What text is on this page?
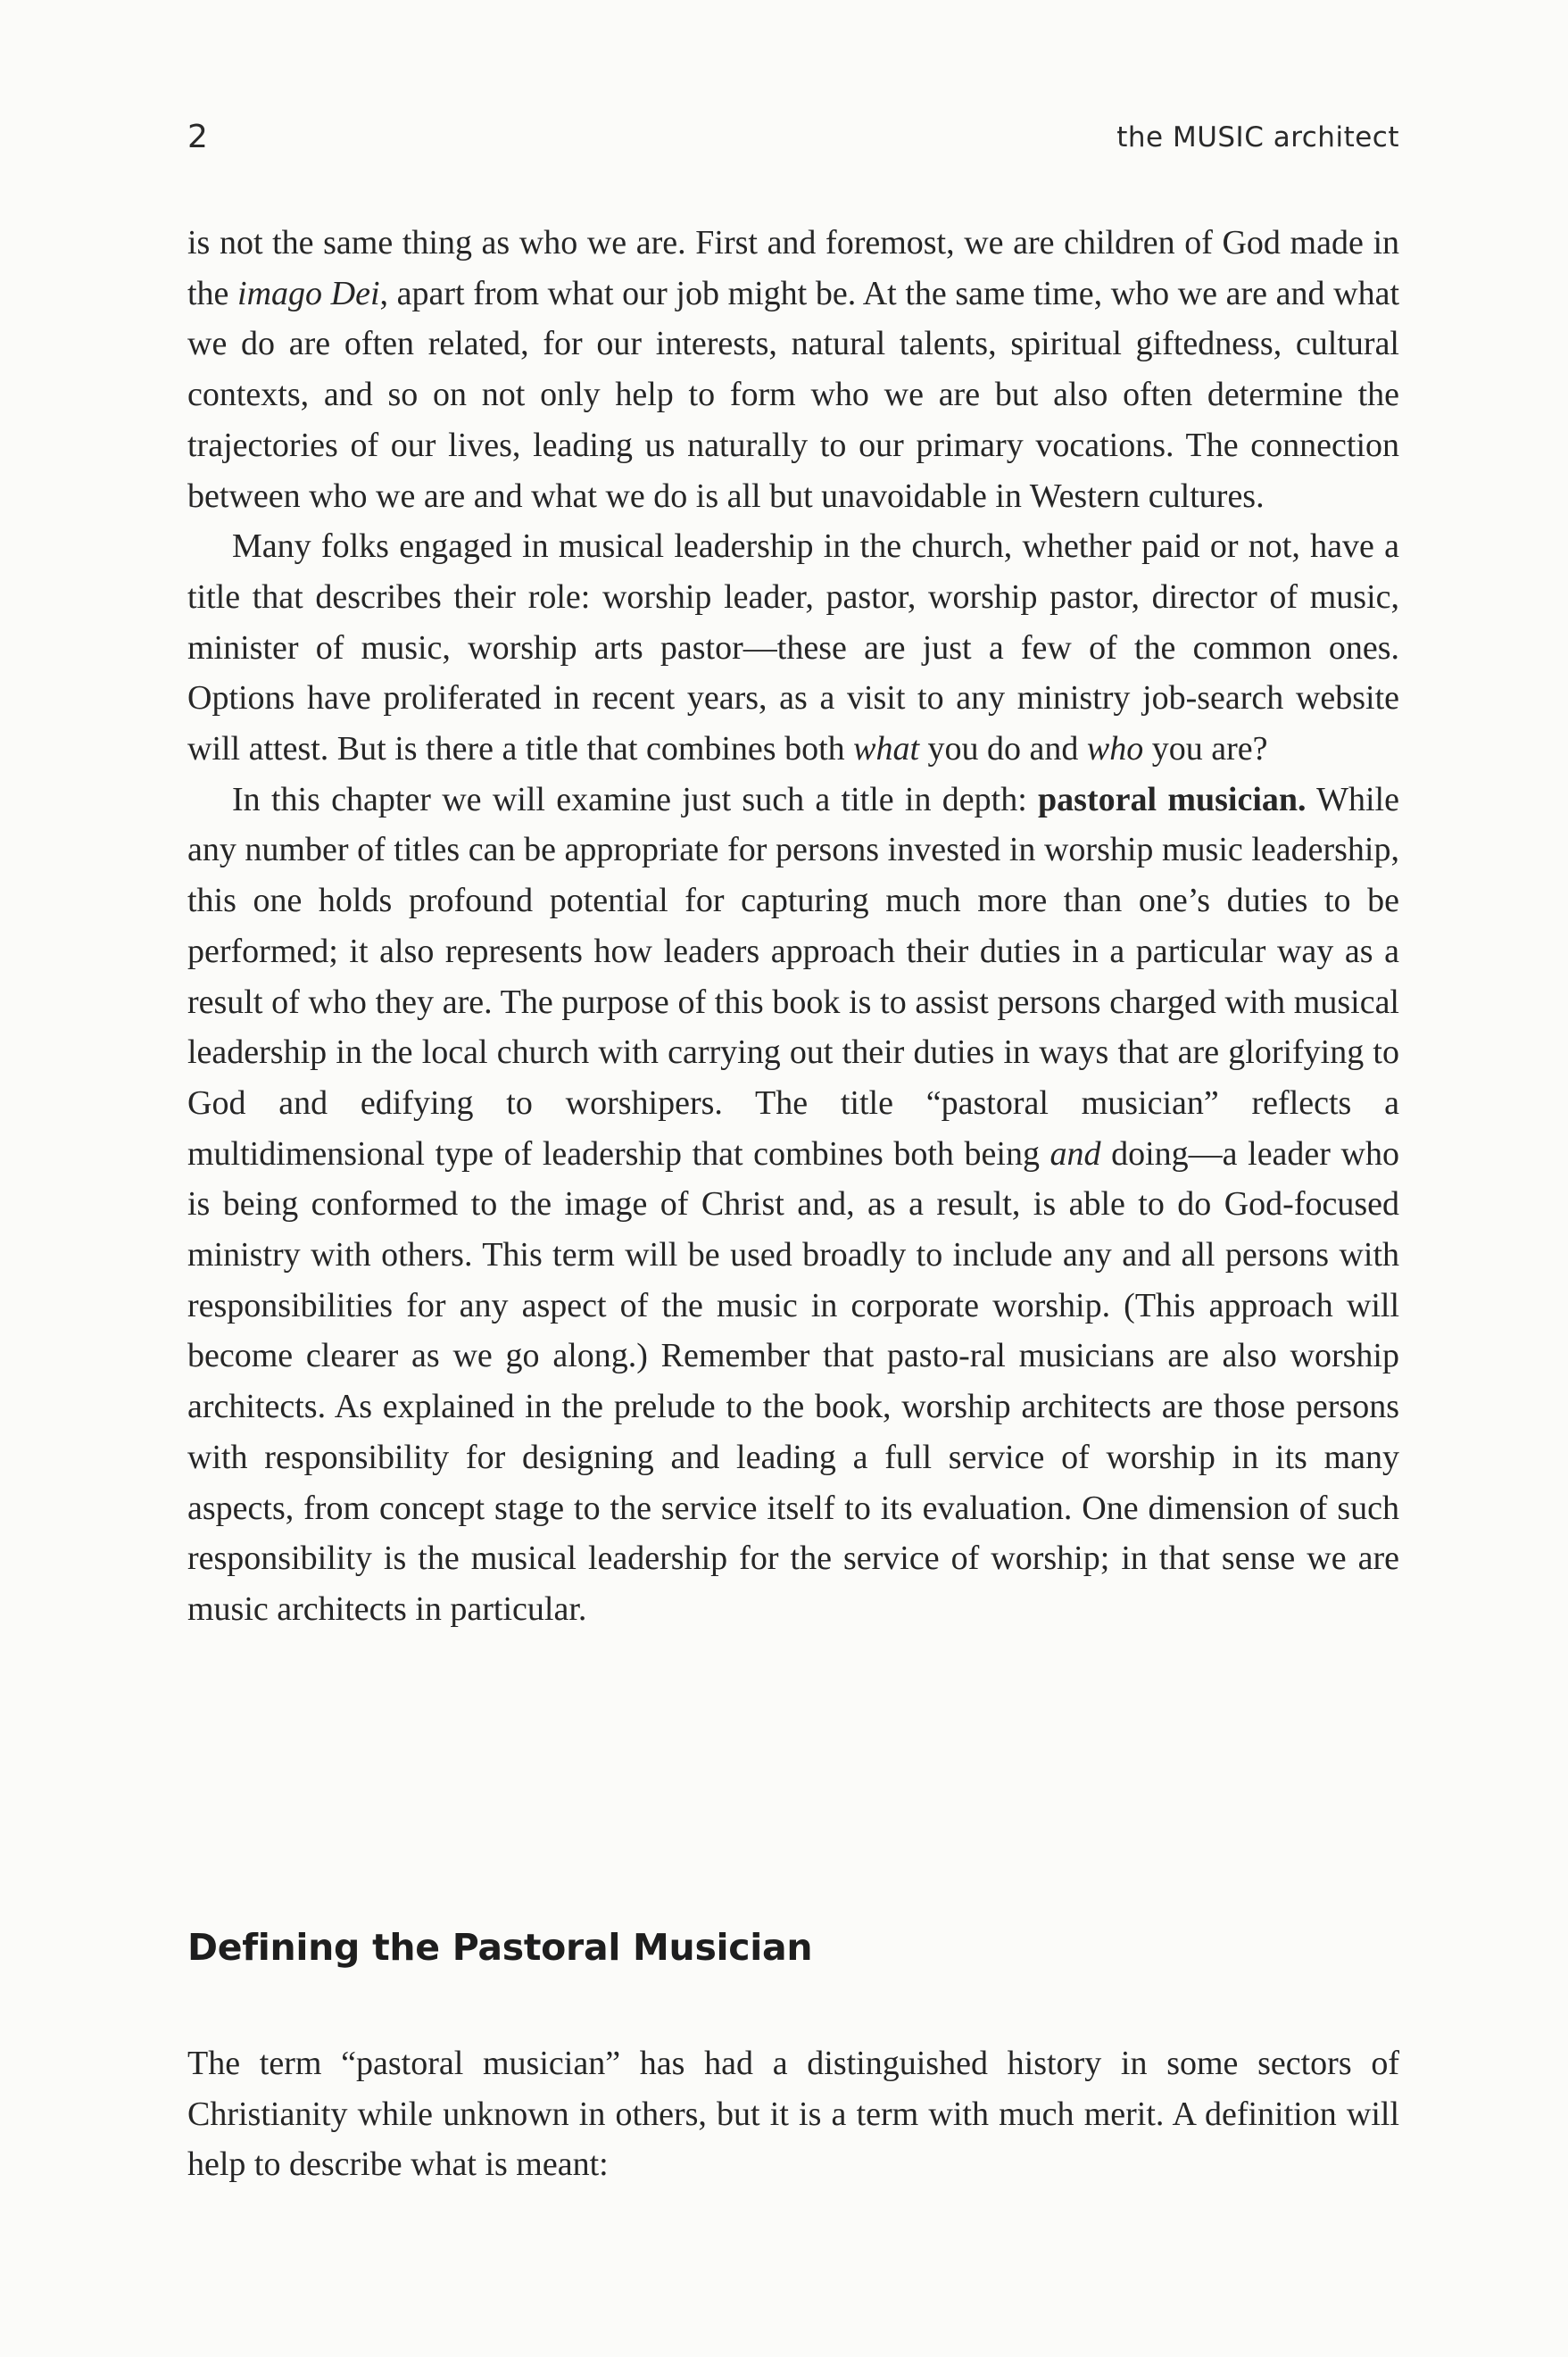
2	the MUSIC architect

is not the same thing as who we are. First and foremost, we are children of God made in the imago Dei, apart from what our job might be. At the same time, who we are and what we do are often related, for our interests, natural talents, spiritual giftedness, cultural contexts, and so on not only help to form who we are but also often determine the trajectories of our lives, leading us naturally to our primary vocations. The connection between who we are and what we do is all but unavoidable in Western cultures.

Many folks engaged in musical leadership in the church, whether paid or not, have a title that describes their role: worship leader, pastor, worship pastor, director of music, minister of music, worship arts pastor—these are just a few of the common ones. Options have proliferated in recent years, as a visit to any ministry job-search website will attest. But is there a title that combines both what you do and who you are?

In this chapter we will examine just such a title in depth: pastoral musician. While any number of titles can be appropriate for persons invested in worship music leadership, this one holds profound potential for capturing much more than one’s duties to be performed; it also represents how leaders approach their duties in a particular way as a result of who they are. The purpose of this book is to assist persons charged with musical leadership in the local church with carrying out their duties in ways that are glorifying to God and edifying to worshipers. The title “pastoral musician” reflects a multidimensional type of leadership that combines both being and doing—a leader who is being conformed to the image of Christ and, as a result, is able to do God-focused ministry with others. This term will be used broadly to include any and all persons with responsibilities for any aspect of the music in corporate worship. (This approach will become clearer as we go along.) Remember that pasto-ral musicians are also worship architects. As explained in the prelude to the book, worship architects are those persons with responsibility for designing and leading a full service of worship in its many aspects, from concept stage to the service itself to its evaluation. One dimension of such responsibility is the musical leadership for the service of worship; in that sense we are music architects in particular.

Defining the Pastoral Musician

The term “pastoral musician” has had a distinguished history in some sectors of Christianity while unknown in others, but it is a term with much merit. A definition will help to describe what is meant:
